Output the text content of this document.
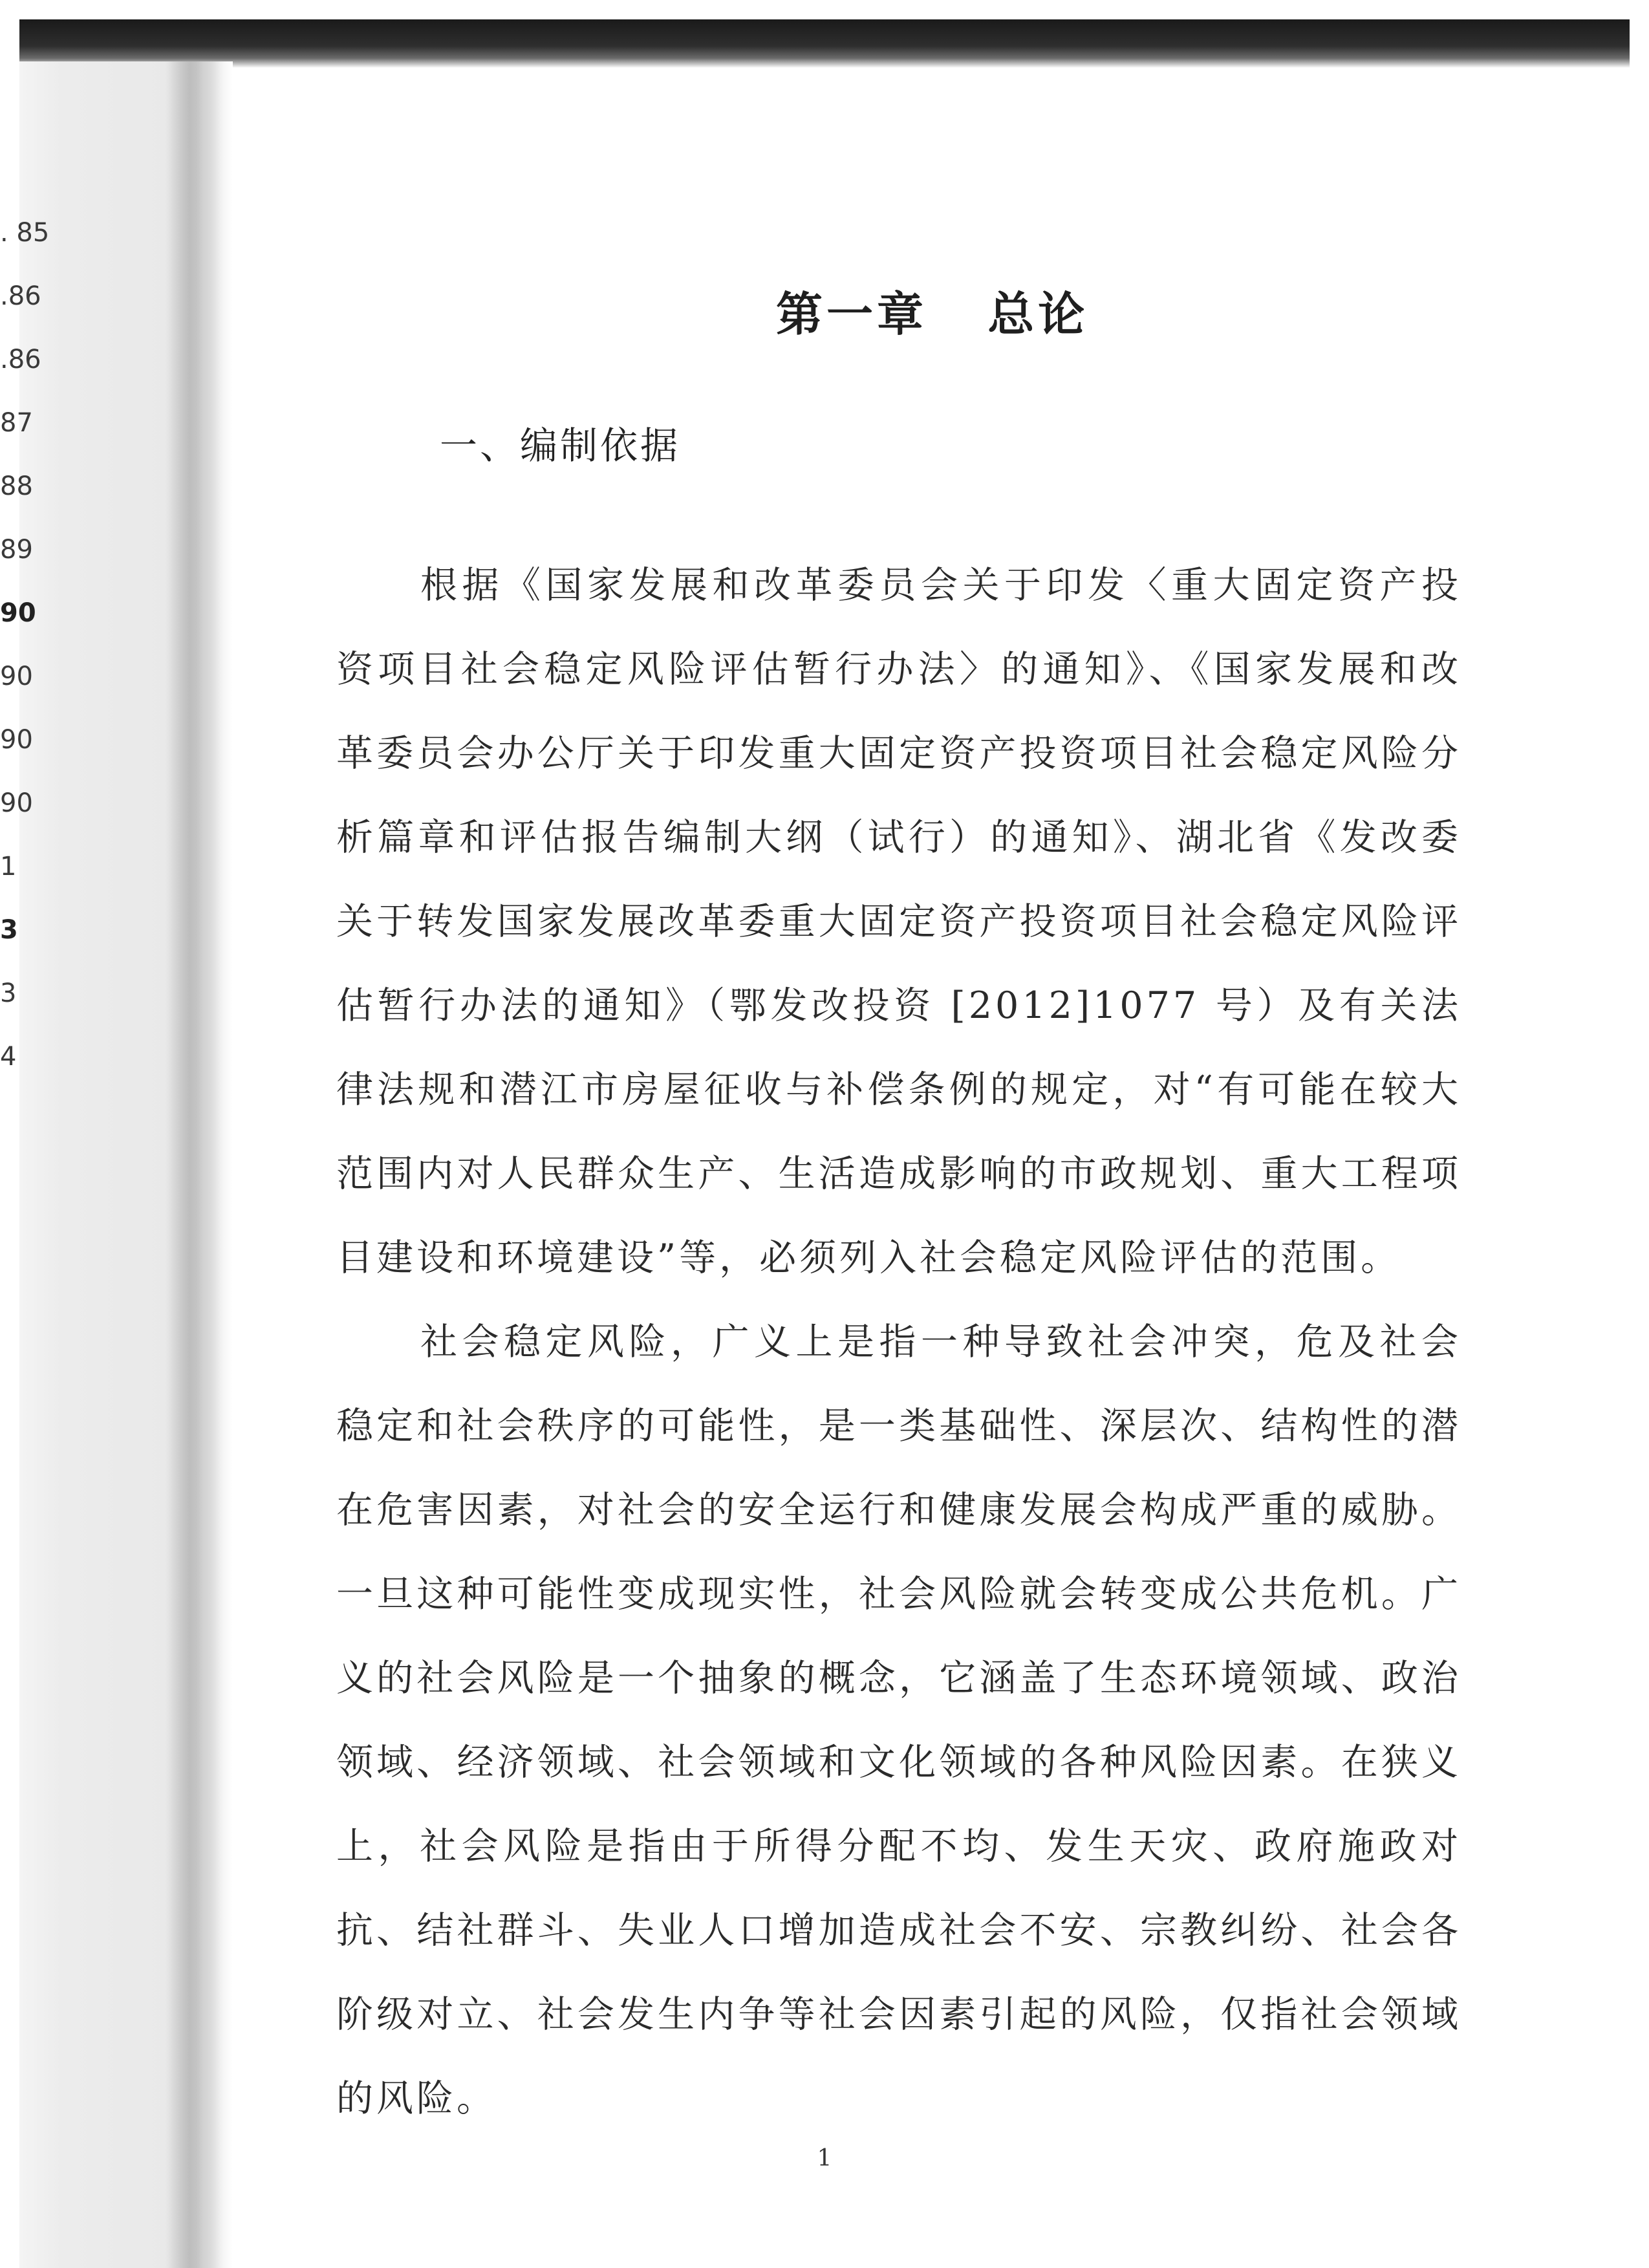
. 85
.86
.86
87
88
89
90
90
90
90
1
3
3
4
第一章   总论
一、编制依据

根据《国家发展和改革委员会关于印发〈重大固定资产投资项目社会稳定风险评估暂行办法〉的通知》、《国家发展和改革委员会办公厅关于印发重大固定资产投资项目社会稳定风险分析篇章和评估报告编制大纲（试行）的通知》、湖北省《发改委关于转发国家发展改革委重大固定资产投资项目社会稳定风险评估暂行办法的通知》（鄂发改投资 [2012]1077 号）及有关法律法规和潜江市房屋征收与补偿条例的规定，对“有可能在较大范围内对人民群众生产、生活造成影响的市政规划、重大工程项目建设和环境建设”等，必须列入社会稳定风险评估的范围。

社会稳定风险，广义上是指一种导致社会冲突，危及社会稳定和社会秩序的可能性，是一类基础性、深层次、结构性的潜在危害因素，对社会的安全运行和健康发展会构成严重的威胁。一旦这种可能性变成现实性，社会风险就会转变成公共危机。广义的社会风险是一个抽象的概念，它涵盖了生态环境领域、政治领域、经济领域、社会领域和文化领域的各种风险因素。在狭义上，社会风险是指由于所得分配不均、发生天灾、政府施政对抗、结社群斗、失业人口增加造成社会不安、宗教纠纷、社会各阶级对立、社会发生内争等社会因素引起的风险，仅指社会领域的风险。

1
